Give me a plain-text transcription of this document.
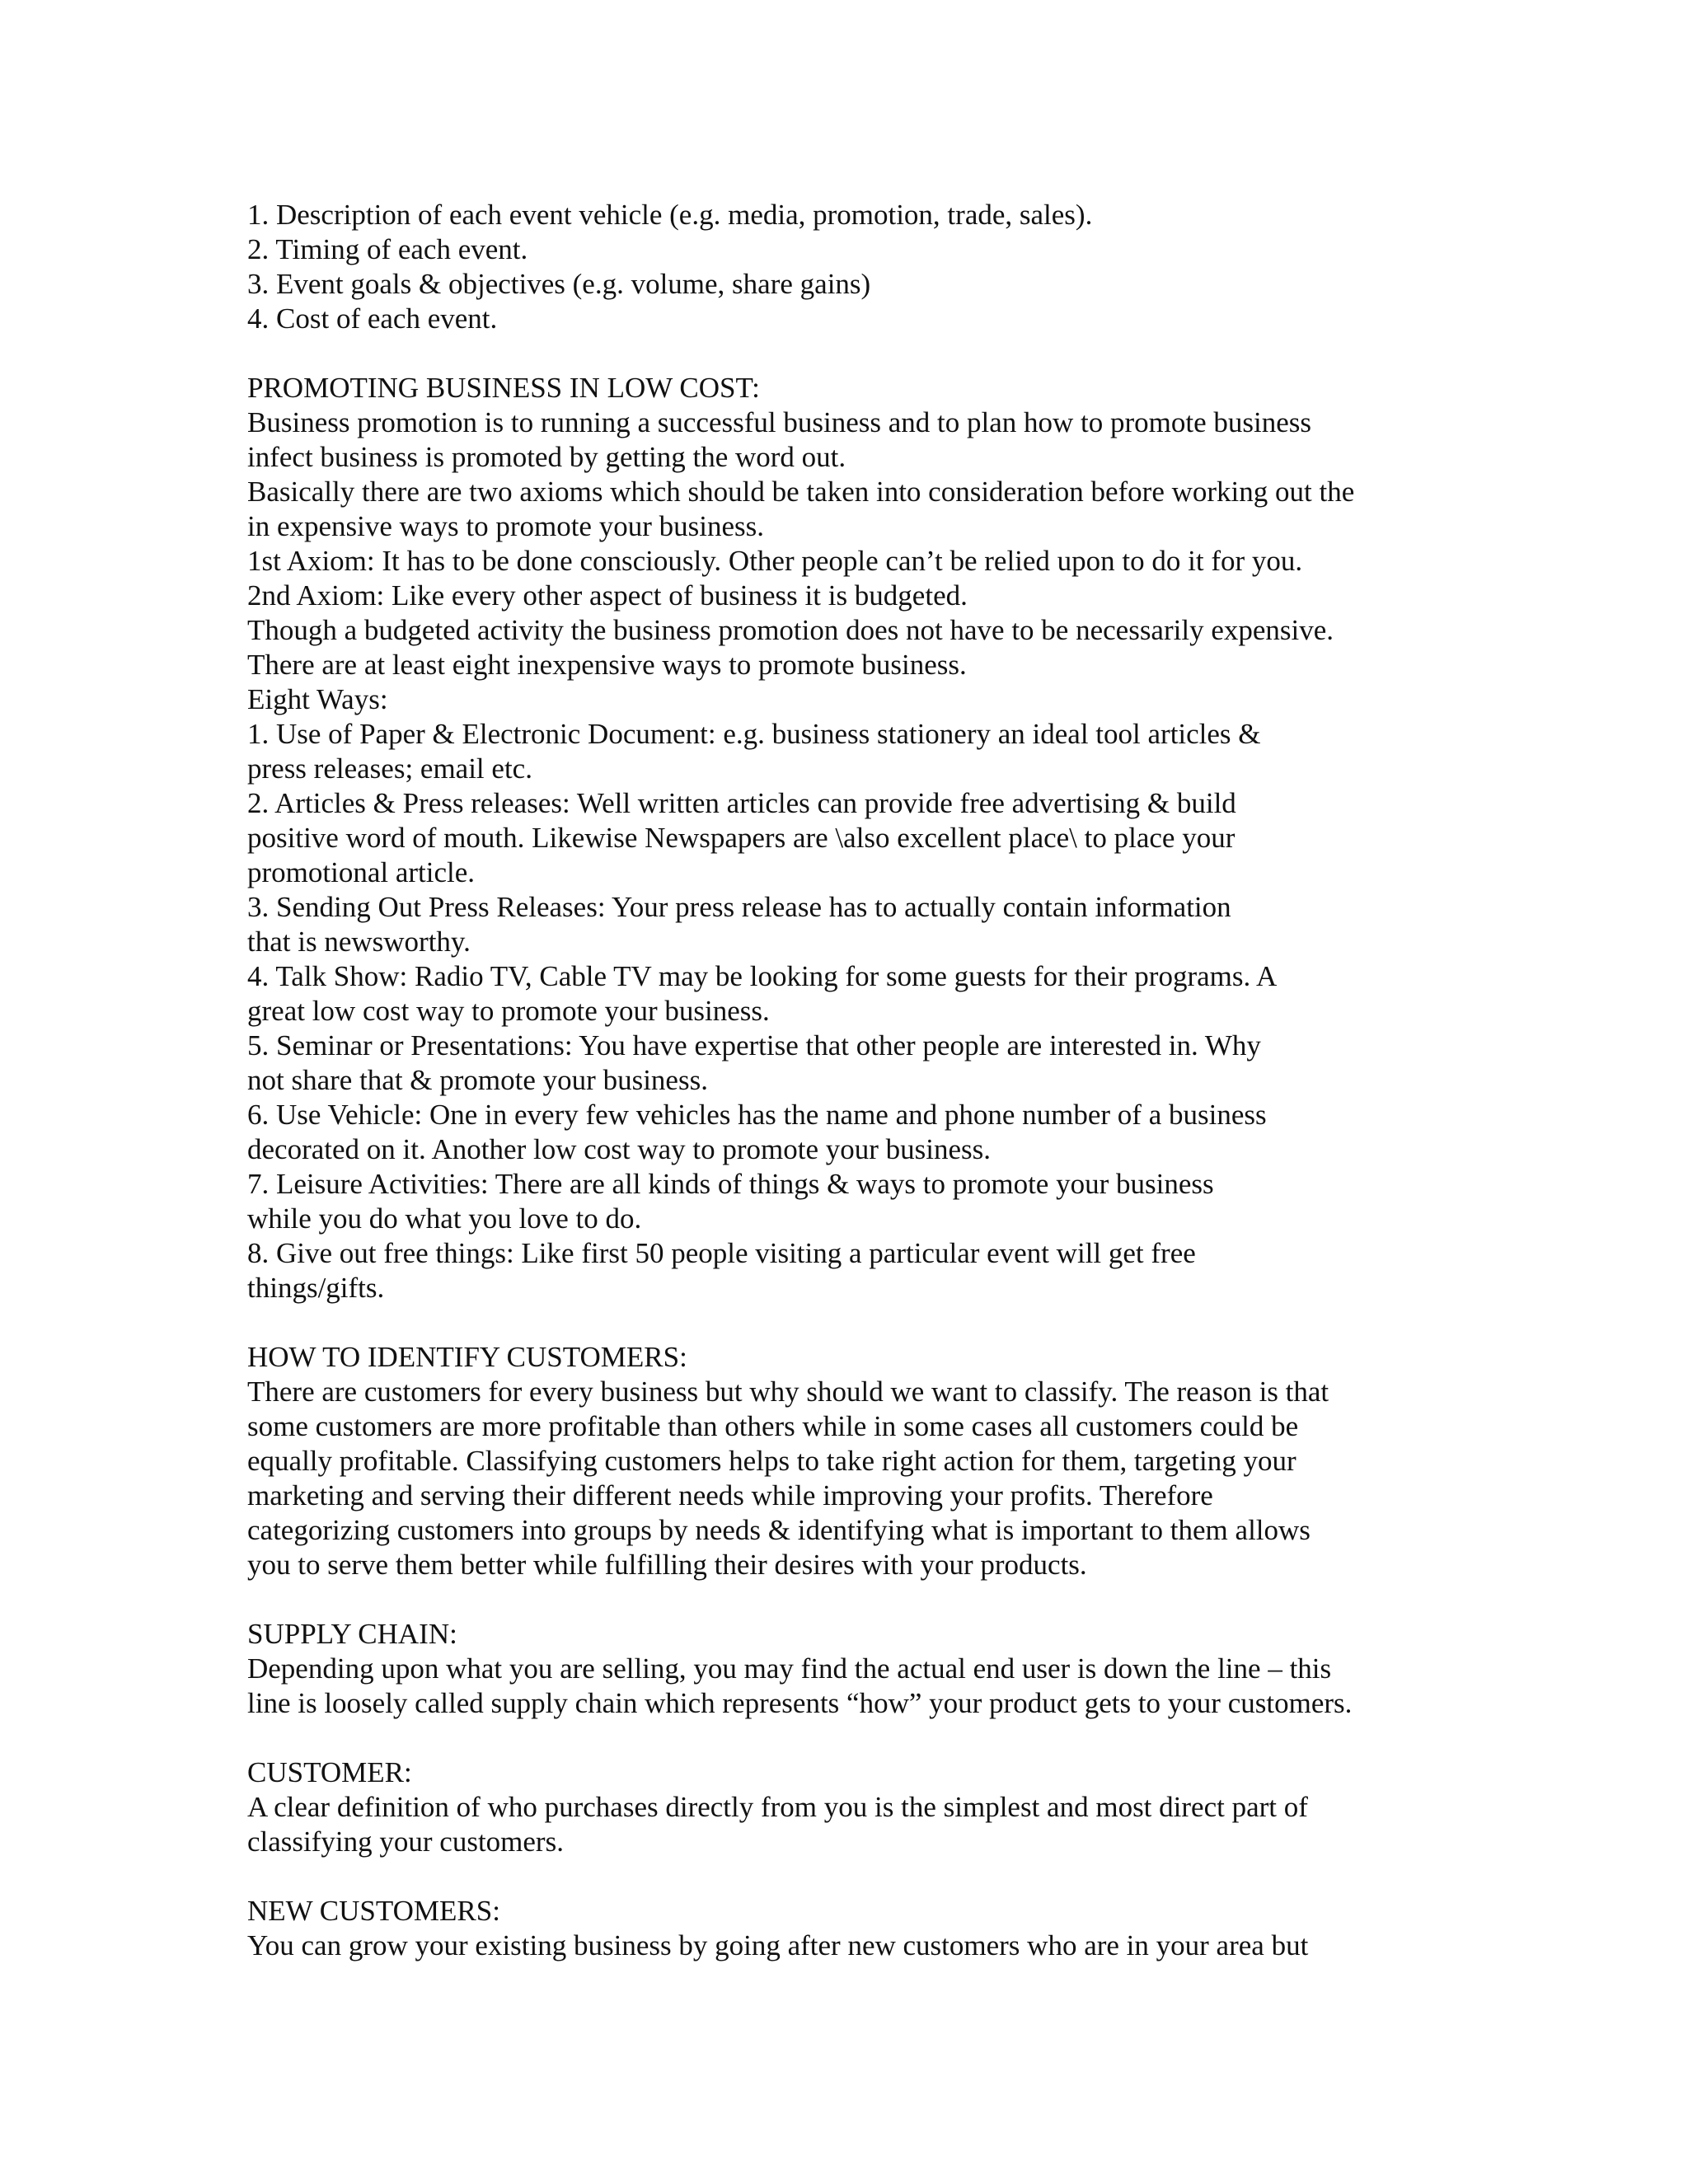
1. Description of each event vehicle (e.g. media, promotion, trade, sales).
2. Timing of each event.
3. Event goals & objectives (e.g. volume, share gains)
4. Cost of each event.
PROMOTING BUSINESS IN LOW COST:
Business promotion is to running a successful business and to plan how to promote business
infect business is promoted by getting the word out.
Basically there are two axioms which should be taken into consideration before working out the
in expensive ways to promote your business.
1st Axiom: It has to be done consciously. Other people can’t be relied upon to do it for you.
2nd Axiom: Like every other aspect of business it is budgeted.
Though a budgeted activity the business promotion does not have to be necessarily expensive.
There are at least eight inexpensive ways to promote business.
Eight Ways:
1. Use of Paper & Electronic Document: e.g. business stationery an ideal tool articles &
press releases; email etc.
2. Articles & Press releases: Well written articles can provide free advertising & build
positive word of mouth. Likewise Newspapers are \also excellent place\ to place your
promotional article.
3. Sending Out Press Releases: Your press release has to actually contain information
that is newsworthy.
4. Talk Show: Radio TV, Cable TV may be looking for some guests for their programs. A
great low cost way to promote your business.
5. Seminar or Presentations: You have expertise that other people are interested in. Why
not share that & promote your business.
6. Use Vehicle: One in every few vehicles has the name and phone number of a business
decorated on it. Another low cost way to promote your business.
7. Leisure Activities: There are all kinds of things & ways to promote your business
while you do what you love to do.
8. Give out free things: Like first 50 people visiting a particular event will get free
things/gifts.
HOW TO IDENTIFY CUSTOMERS:
There are customers for every business but why should we want to classify. The reason is that
some customers are more profitable than others while in some cases all customers could be
equally profitable. Classifying customers helps to take right action for them, targeting your
marketing and serving their different needs while improving your profits. Therefore
categorizing customers into groups by needs & identifying what is important to them allows
you to serve them better while fulfilling their desires with your products.
SUPPLY CHAIN:
Depending upon what you are selling, you may find the actual end user is down the line – this
line is loosely called supply chain which represents “how” your product gets to your customers.
CUSTOMER:
A clear definition of who purchases directly from you is the simplest and most direct part of
classifying your customers.
NEW CUSTOMERS:
You can grow your existing business by going after new customers who are in your area but
